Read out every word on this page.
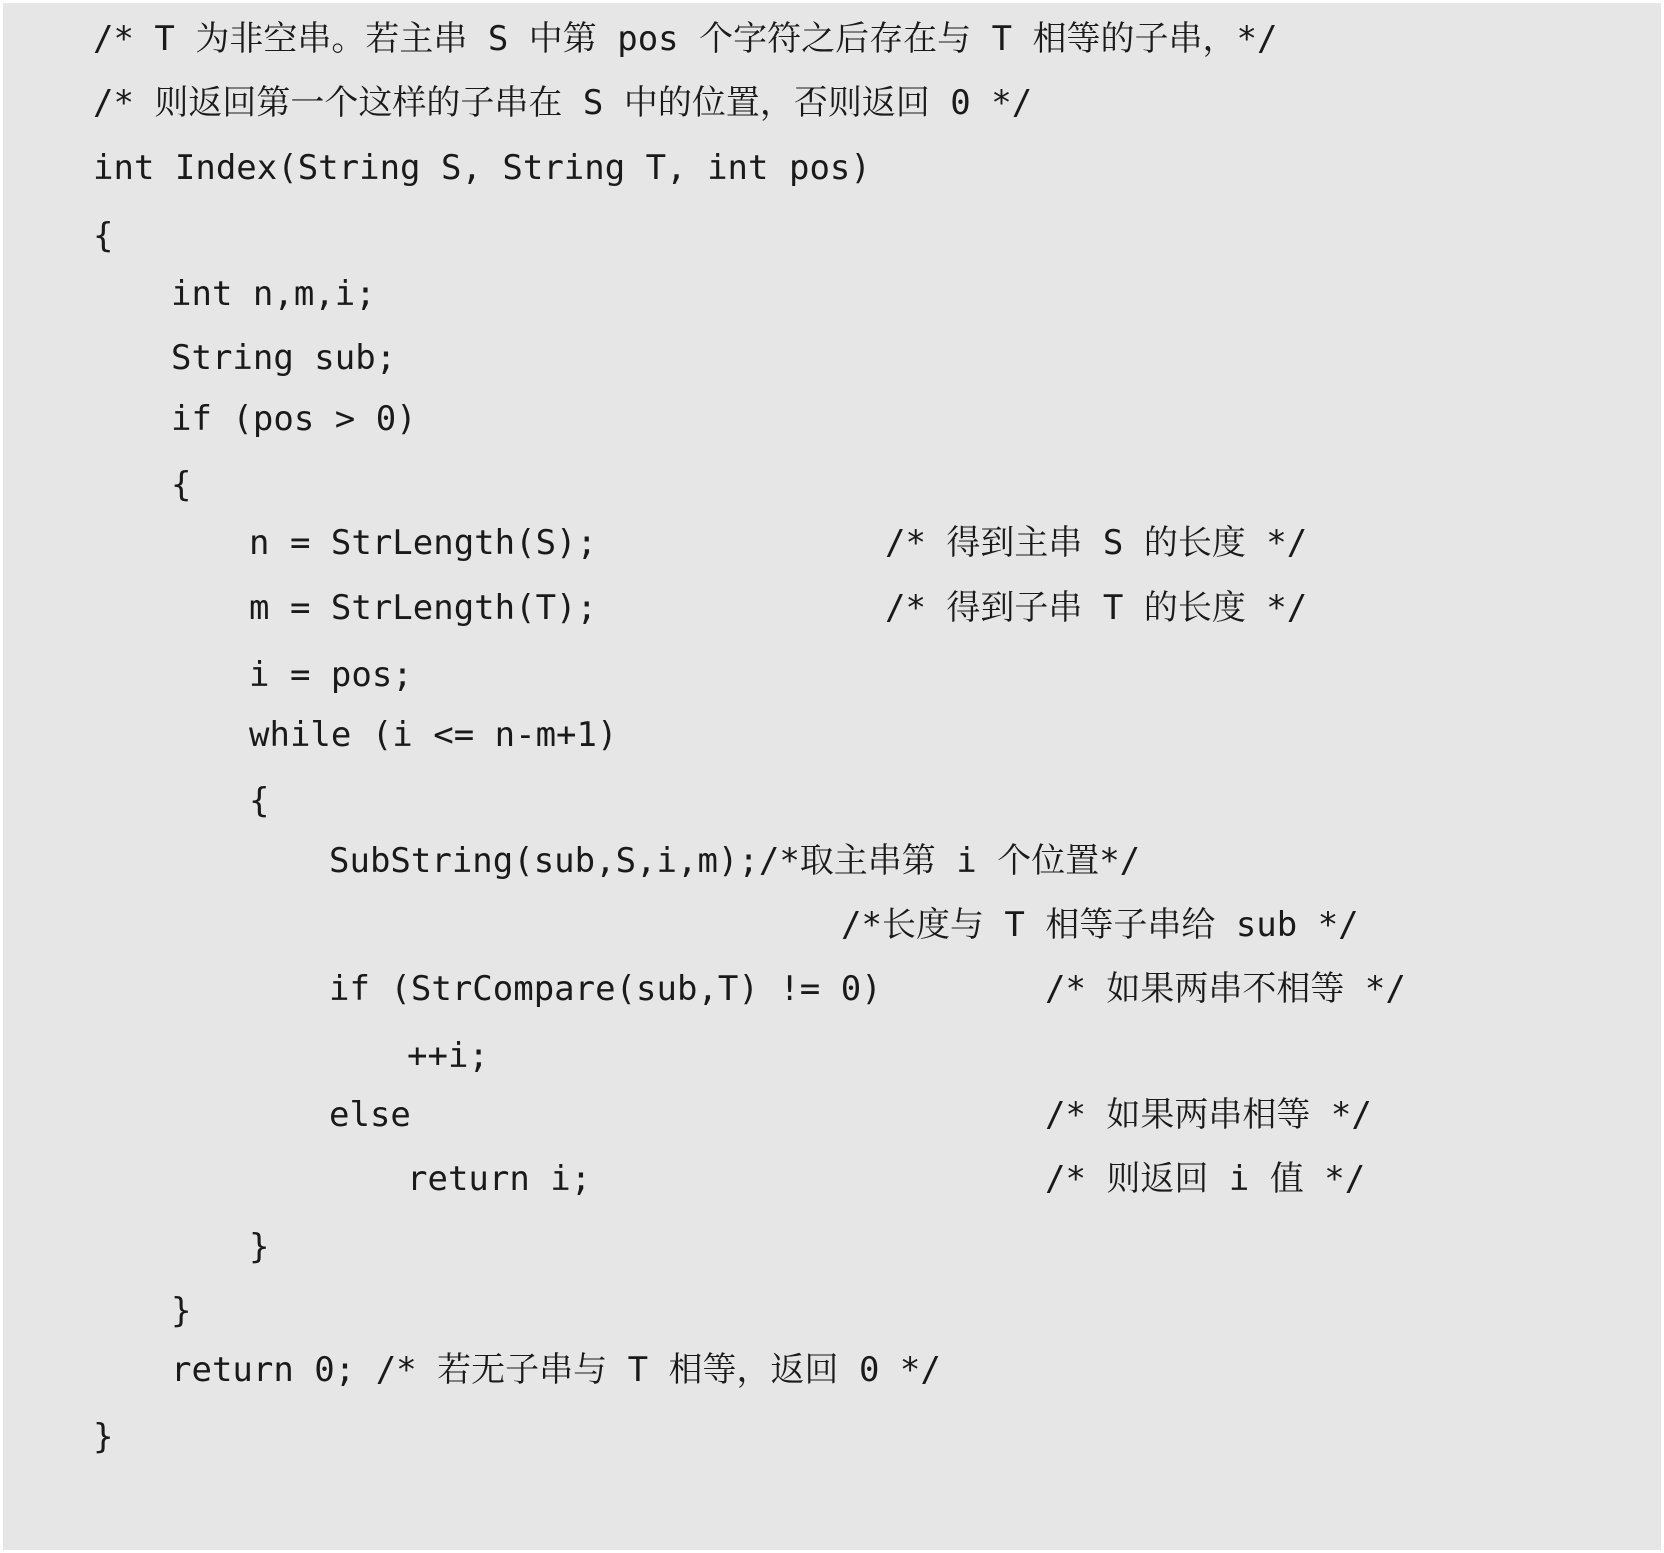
/* T 为非空串。若主串 S 中第 pos 个字符之后存在与 T 相等的子串，*/
/* 则返回第一个这样的子串在 S 中的位置，否则返回 0 */
int Index(String S, String T, int pos)
{
int n,m,i;
String sub;
if (pos > 0)
{
n = StrLength(S);	/* 得到主串 S 的长度 */
m = StrLength(T);	/* 得到子串 T 的长度 */
i = pos;
while (i <= n-m+1)
{
SubString(sub,S,i,m);/*取主串第 i 个位置*/
/*长度与 T 相等子串给 sub */
if (StrCompare(sub,T) != 0)	/* 如果两串不相等 */
++i;
else	/* 如果两串相等 */
return i;	/* 则返回 i 值 */
}
}
return 0; /* 若无子串与 T 相等，返回 0 */
}
